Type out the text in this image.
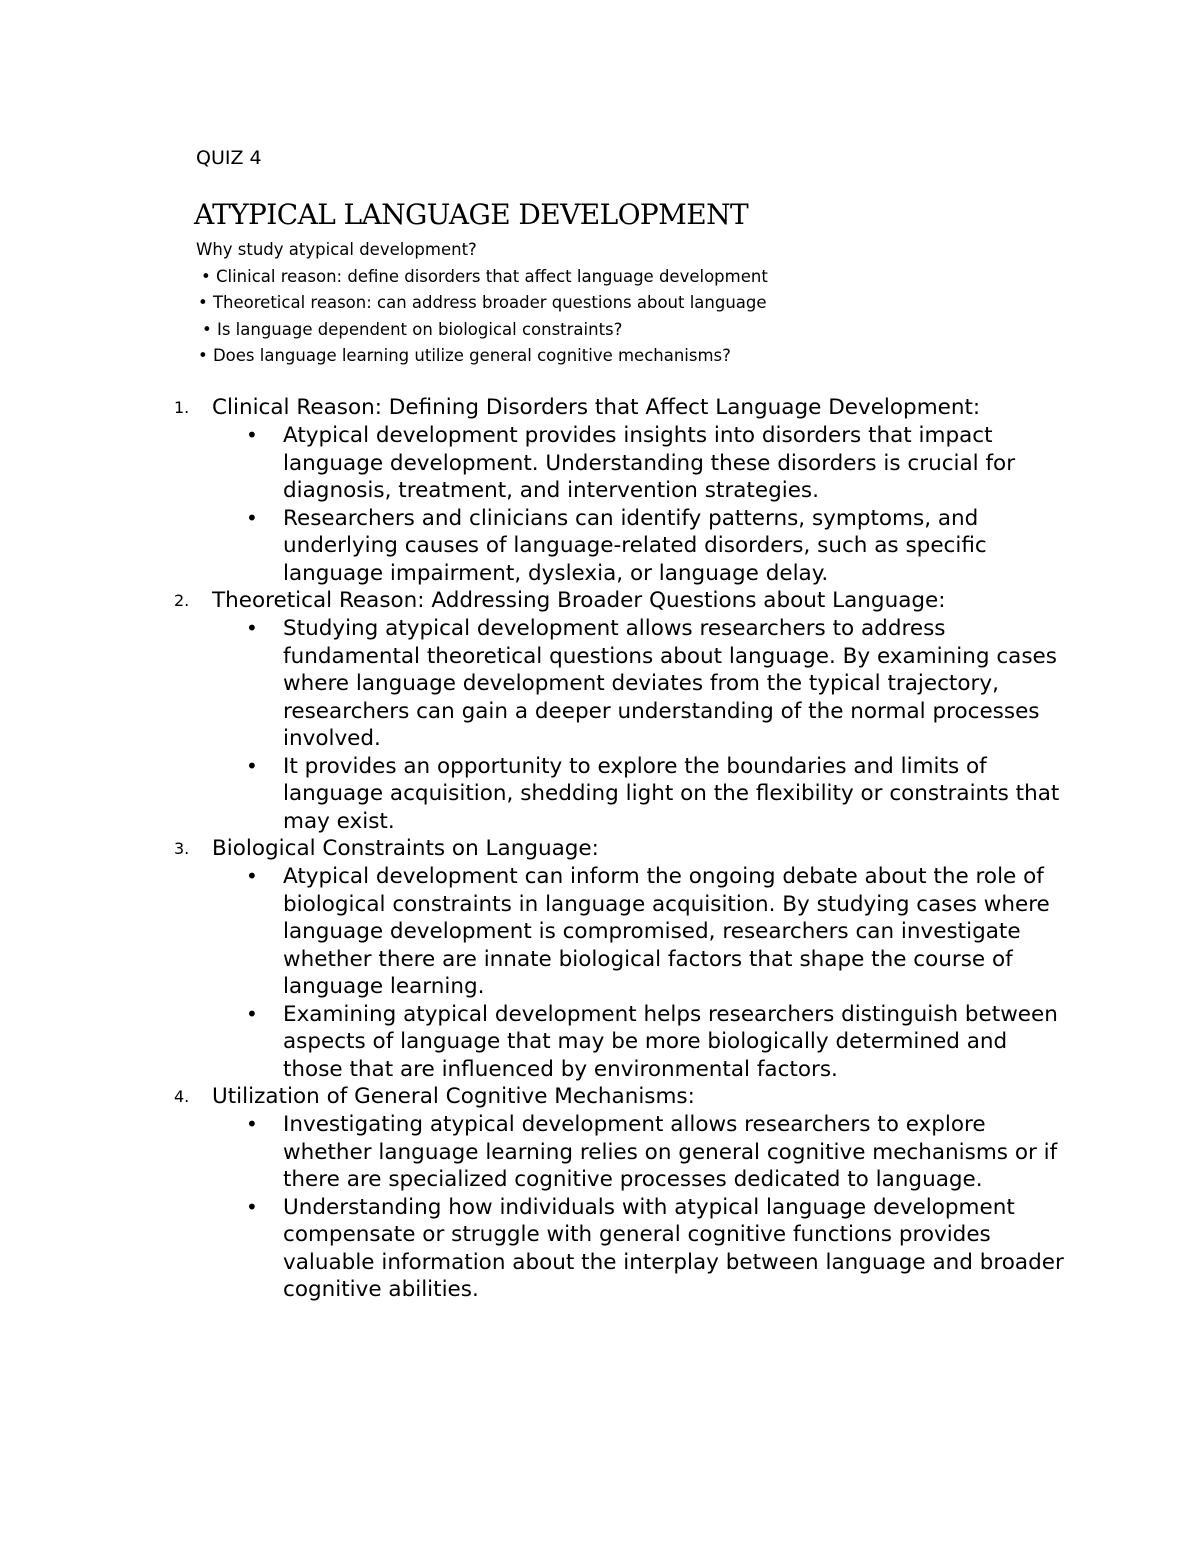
QUIZ 4
ATYPICAL LANGUAGE DEVELOPMENT
Why study atypical development?
• Clinical reason: define disorders that affect language development
• Theoretical reason: can address broader questions about language
• Is language dependent on biological constraints?
• Does language learning utilize general cognitive mechanisms?
1. Clinical Reason: Defining Disorders that Affect Language Development:
• Atypical development provides insights into disorders that impact language development. Understanding these disorders is crucial for diagnosis, treatment, and intervention strategies.
• Researchers and clinicians can identify patterns, symptoms, and underlying causes of language-related disorders, such as specific language impairment, dyslexia, or language delay.
2. Theoretical Reason: Addressing Broader Questions about Language:
• Studying atypical development allows researchers to address fundamental theoretical questions about language. By examining cases where language development deviates from the typical trajectory, researchers can gain a deeper understanding of the normal processes involved.
• It provides an opportunity to explore the boundaries and limits of language acquisition, shedding light on the flexibility or constraints that may exist.
3. Biological Constraints on Language:
• Atypical development can inform the ongoing debate about the role of biological constraints in language acquisition. By studying cases where language development is compromised, researchers can investigate whether there are innate biological factors that shape the course of language learning.
• Examining atypical development helps researchers distinguish between aspects of language that may be more biologically determined and those that are influenced by environmental factors.
4. Utilization of General Cognitive Mechanisms:
• Investigating atypical development allows researchers to explore whether language learning relies on general cognitive mechanisms or if there are specialized cognitive processes dedicated to language.
• Understanding how individuals with atypical language development compensate or struggle with general cognitive functions provides valuable information about the interplay between language and broader cognitive abilities.
